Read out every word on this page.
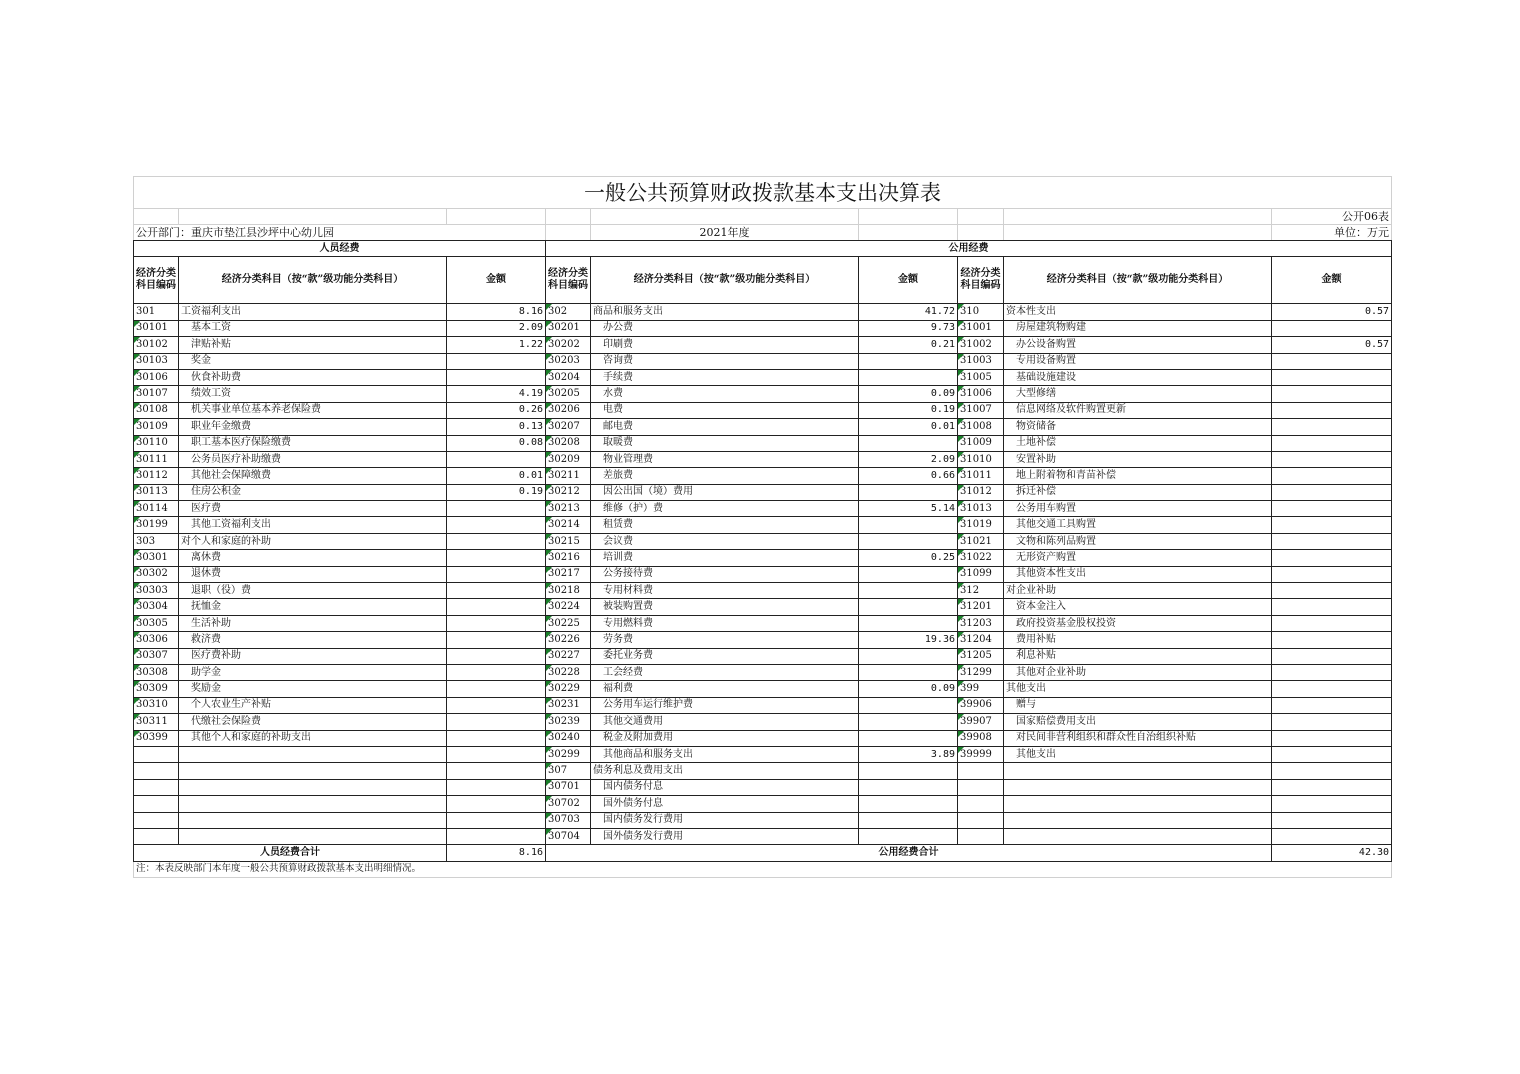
一般公共预算财政拨款基本支出决算表								
								公开06表
公开部门：重庆市垫江县沙坪中心幼儿园				2021年度				单位：万元
人员经费			公用经费					
经济分类科目编码	经济分类科目（按“款”级功能分类科目）	金额	经济分类科目编码	经济分类科目（按“款”级功能分类科目）	金额	经济分类科目编码	经济分类科目（按“款”级功能分类科目）	金额
301	工资福利支出	8.16	302	商品和服务支出	41.72	310	资本性支出	0.57
30101	基本工资	2.09	30201	办公费	9.73	31001	房屋建筑物购建	
30102	津贴补贴	1.22	30202	印刷费	0.21	31002	办公设备购置	0.57
30103	奖金		30203	咨询费		31003	专用设备购置	
30106	伙食补助费		30204	手续费		31005	基础设施建设	
30107	绩效工资	4.19	30205	水费	0.09	31006	大型修缮	
30108	机关事业单位基本养老保险费	0.26	30206	电费	0.19	31007	信息网络及软件购置更新	
30109	职业年金缴费	0.13	30207	邮电费	0.01	31008	物资储备	
30110	职工基本医疗保险缴费	0.08	30208	取暖费		31009	土地补偿	
30111	公务员医疗补助缴费		30209	物业管理费	2.09	31010	安置补助	
30112	其他社会保障缴费	0.01	30211	差旅费	0.66	31011	地上附着物和青苗补偿	
30113	住房公积金	0.19	30212	因公出国（境）费用		31012	拆迁补偿	
30114	医疗费		30213	维修（护）费	5.14	31013	公务用车购置	
30199	其他工资福利支出		30214	租赁费		31019	其他交通工具购置	
303	对个人和家庭的补助		30215	会议费		31021	文物和陈列品购置	
30301	离休费		30216	培训费	0.25	31022	无形资产购置	
30302	退休费		30217	公务接待费		31099	其他资本性支出	
30303	退职（役）费		30218	专用材料费		312	对企业补助	
30304	抚恤金		30224	被装购置费		31201	资本金注入	
30305	生活补助		30225	专用燃料费		31203	政府投资基金股权投资	
30306	救济费		30226	劳务费	19.36	31204	费用补贴	
30307	医疗费补助		30227	委托业务费		31205	利息补贴	
30308	助学金		30228	工会经费		31299	其他对企业补助	
30309	奖励金		30229	福利费	0.09	399	其他支出	
30310	个人农业生产补贴		30231	公务用车运行维护费		39906	赠与	
30311	代缴社会保险费		30239	其他交通费用		39907	国家赔偿费用支出	
30399	其他个人和家庭的补助支出		30240	税金及附加费用		39908	对民间非营利组织和群众性自治组织补贴	
			30299	其他商品和服务支出	3.89	39999	其他支出	
			307	债务利息及费用支出				
			30701	国内债务付息				
			30702	国外债务付息				
			30703	国内债务发行费用				
			30704	国外债务发行费用				
人员经费合计		8.16	公用经费合计					42.30
注：本表反映部门本年度一般公共预算财政拨款基本支出明细情况。								
